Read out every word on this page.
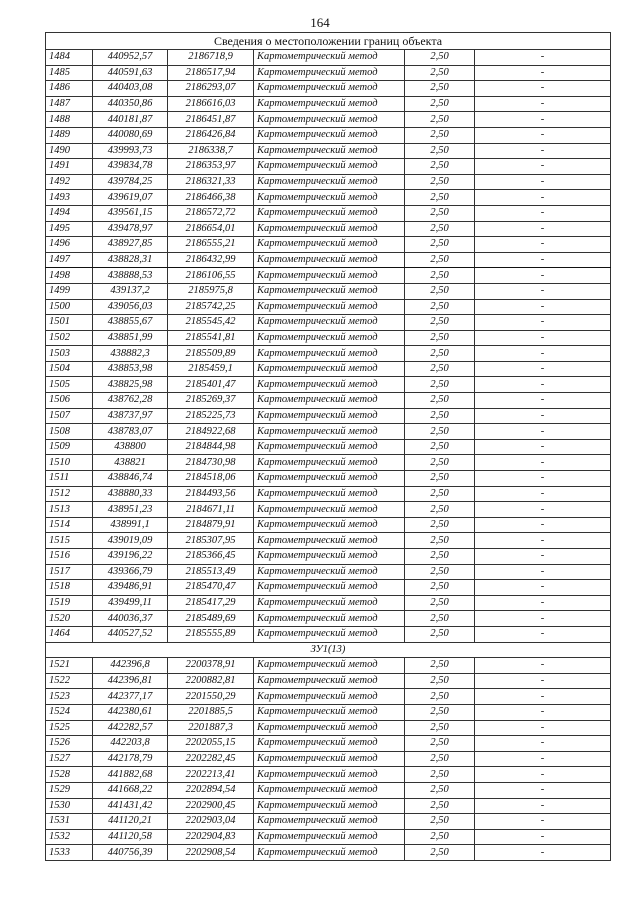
164
Сведения о местоположении границ объекта					
1484	440952,57	2186718,9	Картометрический метод	2,50	-
1485	440591,63	2186517,94	Картометрический метод	2,50	-
1486	440403,08	2186293,07	Картометрический метод	2,50	-
1487	440350,86	2186616,03	Картометрический метод	2,50	-
1488	440181,87	2186451,87	Картометрический метод	2,50	-
1489	440080,69	2186426,84	Картометрический метод	2,50	-
1490	439993,73	2186338,7	Картометрический метод	2,50	-
1491	439834,78	2186353,97	Картометрический метод	2,50	-
1492	439784,25	2186321,33	Картометрический метод	2,50	-
1493	439619,07	2186466,38	Картометрический метод	2,50	-
1494	439561,15	2186572,72	Картометрический метод	2,50	-
1495	439478,97	2186654,01	Картометрический метод	2,50	-
1496	438927,85	2186555,21	Картометрический метод	2,50	-
1497	438828,31	2186432,99	Картометрический метод	2,50	-
1498	438888,53	2186106,55	Картометрический метод	2,50	-
1499	439137,2	2185975,8	Картометрический метод	2,50	-
1500	439056,03	2185742,25	Картометрический метод	2,50	-
1501	438855,67	2185545,42	Картометрический метод	2,50	-
1502	438851,99	2185541,81	Картометрический метод	2,50	-
1503	438882,3	2185509,89	Картометрический метод	2,50	-
1504	438853,98	2185459,1	Картометрический метод	2,50	-
1505	438825,98	2185401,47	Картометрический метод	2,50	-
1506	438762,28	2185269,37	Картометрический метод	2,50	-
1507	438737,97	2185225,73	Картометрический метод	2,50	-
1508	438783,07	2184922,68	Картометрический метод	2,50	-
1509	438800	2184844,98	Картометрический метод	2,50	-
1510	438821	2184730,98	Картометрический метод	2,50	-
1511	438846,74	2184518,06	Картометрический метод	2,50	-
1512	438880,33	2184493,56	Картометрический метод	2,50	-
1513	438951,23	2184671,11	Картометрический метод	2,50	-
1514	438991,1	2184879,91	Картометрический метод	2,50	-
1515	439019,09	2185307,95	Картометрический метод	2,50	-
1516	439196,22	2185366,45	Картометрический метод	2,50	-
1517	439366,79	2185513,49	Картометрический метод	2,50	-
1518	439486,91	2185470,47	Картометрический метод	2,50	-
1519	439499,11	2185417,29	Картометрический метод	2,50	-
1520	440036,37	2185489,69	Картометрический метод	2,50	-
1464	440527,52	2185555,89	Картометрический метод	2,50	-
ЗУ1(13)					
1521	442396,8	2200378,91	Картометрический метод	2,50	-
1522	442396,81	2200882,81	Картометрический метод	2,50	-
1523	442377,17	2201550,29	Картометрический метод	2,50	-
1524	442380,61	2201885,5	Картометрический метод	2,50	-
1525	442282,57	2201887,3	Картометрический метод	2,50	-
1526	442203,8	2202055,15	Картометрический метод	2,50	-
1527	442178,79	2202282,45	Картометрический метод	2,50	-
1528	441882,68	2202213,41	Картометрический метод	2,50	-
1529	441668,22	2202894,54	Картометрический метод	2,50	-
1530	441431,42	2202900,45	Картометрический метод	2,50	-
1531	441120,21	2202903,04	Картометрический метод	2,50	-
1532	441120,58	2202904,83	Картометрический метод	2,50	-
1533	440756,39	2202908,54	Картометрический метод	2,50	-
